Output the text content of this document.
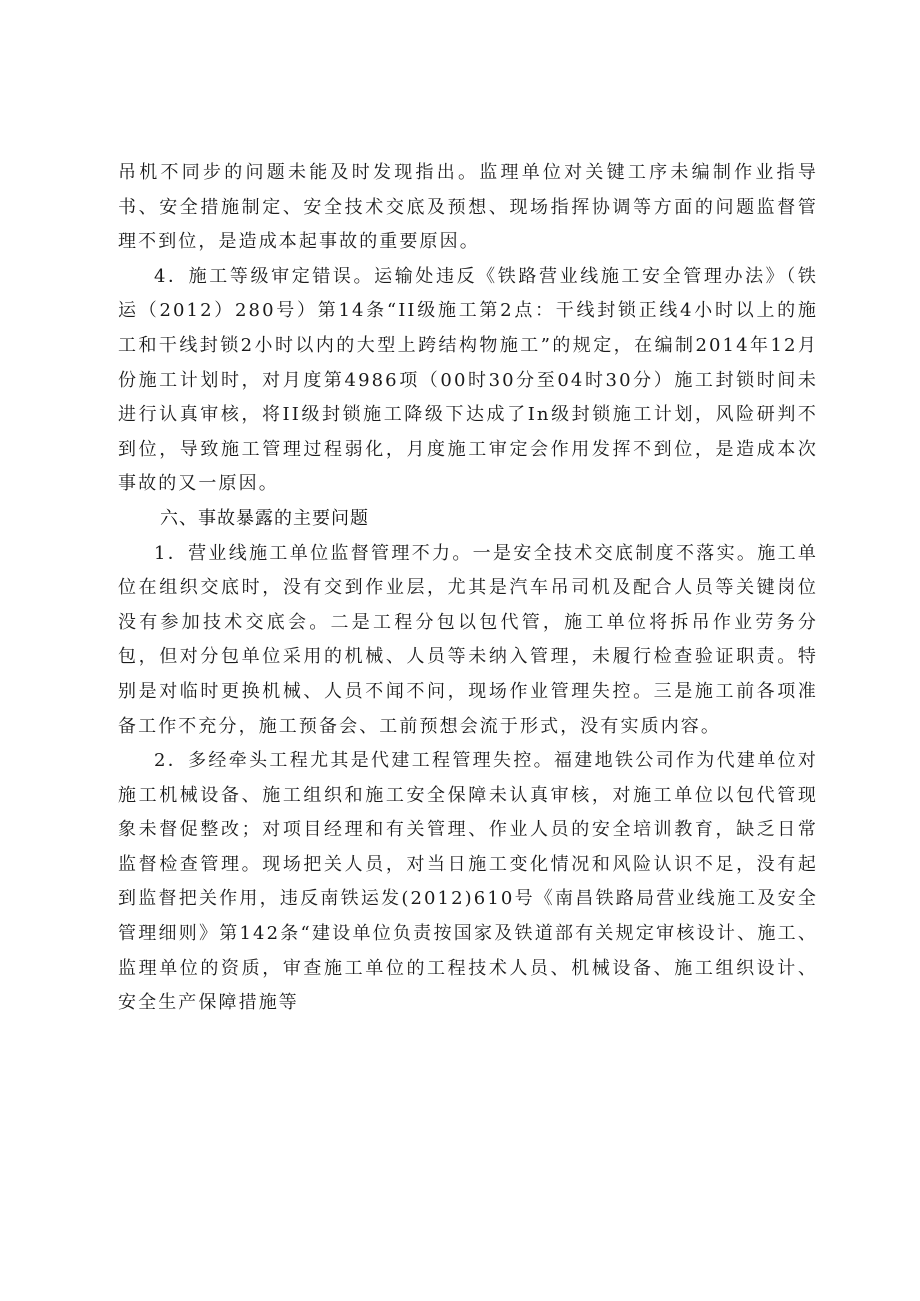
吊机不同步的问题未能及时发现指出。监理单位对关键工序未编制作业指导书、安全措施制定、安全技术交底及预想、现场指挥协调等方面的问题监督管理不到位，是造成本起事故的重要原因。

4．施工等级审定错误。运输处违反《铁路营业线施工安全管理办法》（铁运（2012）280号）第14条“II级施工第2点：干线封锁正线4小时以上的施工和干线封锁2小时以内的大型上跨结构物施工”的规定，在编制2014年12月份施工计划时，对月度第4986项（00时30分至04时30分）施工封锁时间未进行认真审核，将II级封锁施工降级下达成了In级封锁施工计划，风险研判不到位，导致施工管理过程弱化，月度施工审定会作用发挥不到位，是造成本次事故的又一原因。

六、事故暴露的主要问题

1．营业线施工单位监督管理不力。一是安全技术交底制度不落实。施工单位在组织交底时，没有交到作业层，尤其是汽车吊司机及配合人员等关键岗位没有参加技术交底会。二是工程分包以包代管，施工单位将拆吊作业劳务分包，但对分包单位采用的机械、人员等未纳入管理，未履行检查验证职责。特别是对临时更换机械、人员不闻不问，现场作业管理失控。三是施工前各项准备工作不充分，施工预备会、工前预想会流于形式，没有实质内容。

2．多经牵头工程尤其是代建工程管理失控。福建地铁公司作为代建单位对施工机械设备、施工组织和施工安全保障未认真审核，对施工单位以包代管现象未督促整改；对项目经理和有关管理、作业人员的安全培训教育，缺乏日常监督检查管理。现场把关人员，对当日施工变化情况和风险认识不足，没有起到监督把关作用，违反南铁运发(2012)610号《南昌铁路局营业线施工及安全管理细则》第142条“建设单位负责按国家及铁道部有关规定审核设计、施工、监理单位的资质，审查施工单位的工程技术人员、机械设备、施工组织设计、安全生产保障措施等
